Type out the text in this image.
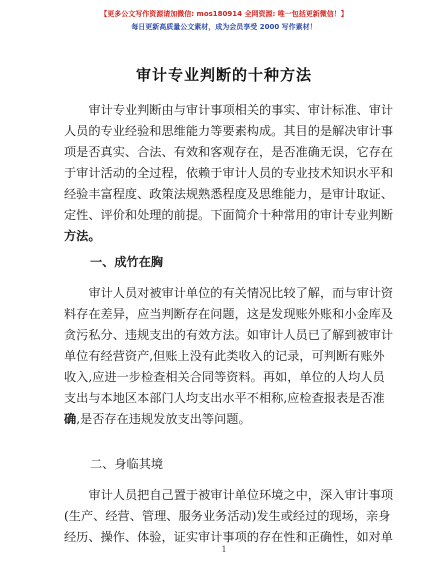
【更多公文写作资源请加微信: mos180914 全网资源: 唯一包括更新微信！】
每日更新高质量公文素材，成为会员享受 2000 写作素材！
审计专业判断的十种方法
审计专业判断由与审计事项相关的事实、审计标准、审计
人员的专业经验和思维能力等要素构成。其目的是解决审计事
项是否真实、合法、有效和客观存在，是否准确无误，它存在
于审计活动的全过程，依赖于审计人员的专业技术知识水平和
经验丰富程度、政策法规熟悉程度及思维能力，是审计取证、
定性、评价和处理的前提。下面简介十种常用的审计专业判断
方法。
一、成竹在胸
审计人员对被审计单位的有关情况比较了解，而与审计资
料存在差异，应当判断存在问题，这是发现账外账和小金库及
贪污私分、违规支出的有效方法。如审计人员已了解到被审计
单位有经营资产,但账上没有此类收入的记录，可判断有账外
收入,应进一步检查相关合同等资料。再如，单位的人均人员
支出与本地区本部门人均支出水平不相称,应检查报表是否准
确,是否存在违规发放支出等问题。
二、身临其境
审计人员把自己置于被审计单位环境之中，深入审计事项
(生产、经营、管理、服务业务活动)发生或经过的现场，亲身
经历、操作、体验，证实审计事项的存在性和正确性，如对单
1
